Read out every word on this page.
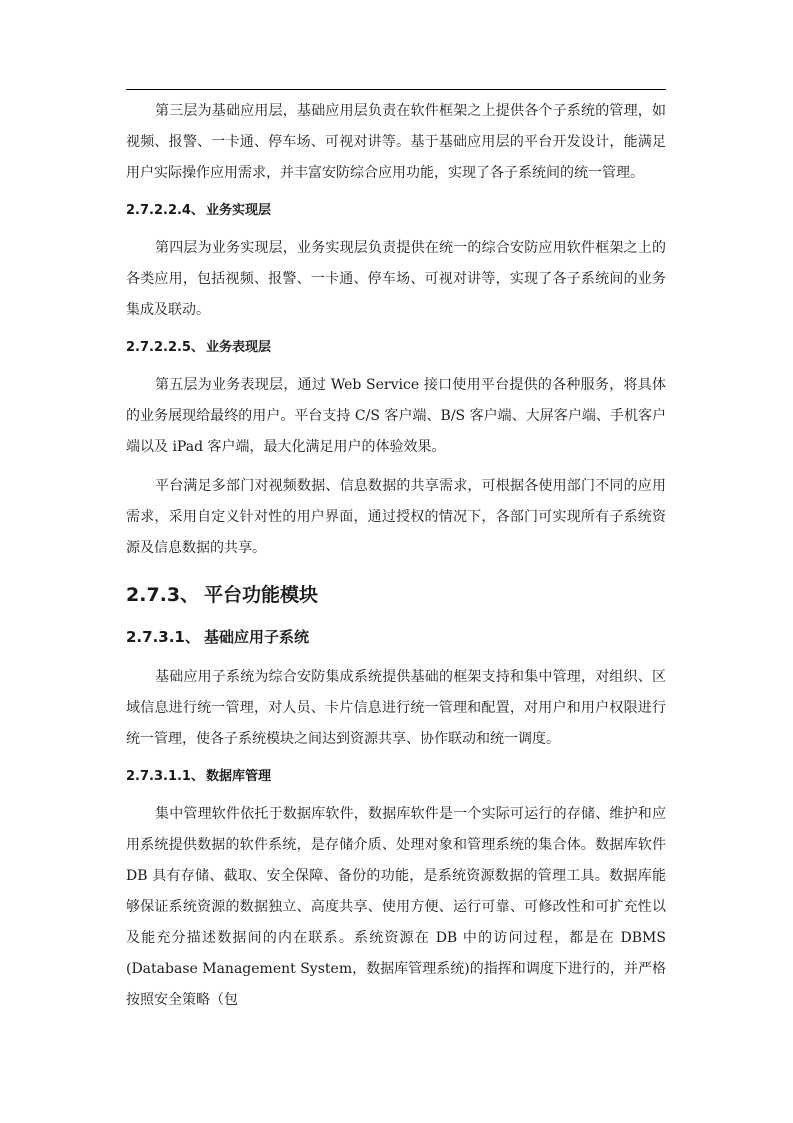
第三层为基础应用层，基础应用层负责在软件框架之上提供各个子系统的管理，如视频、报警、一卡通、停车场、可视对讲等。基于基础应用层的平台开发设计，能满足用户实际操作应用需求，并丰富安防综合应用功能，实现了各子系统间的统一管理。

2.7.2.2.4、 业务实现层

第四层为业务实现层，业务实现层负责提供在统一的综合安防应用软件框架之上的各类应用，包括视频、报警、一卡通、停车场、可视对讲等，实现了各子系统间的业务集成及联动。

2.7.2.2.5、 业务表现层

第五层为业务表现层，通过 Web Service 接口使用平台提供的各种服务，将具体的业务展现给最终的用户。平台支持 C/S 客户端、B/S 客户端、大屏客户端、手机客户端以及 iPad 客户端，最大化满足用户的体验效果。

平台满足多部门对视频数据、信息数据的共享需求，可根据各使用部门不同的应用需求，采用自定义针对性的用户界面，通过授权的情况下，各部门可实现所有子系统资源及信息数据的共享。

2.7.3、 平台功能模块
2.7.3.1、 基础应用子系统

基础应用子系统为综合安防集成系统提供基础的框架支持和集中管理，对组织、区域信息进行统一管理，对人员、卡片信息进行统一管理和配置，对用户和用户权限进行统一管理，使各子系统模块之间达到资源共享、协作联动和统一调度。

2.7.3.1.1、 数据库管理

集中管理软件依托于数据库软件，数据库软件是一个实际可运行的存储、维护和应用系统提供数据的软件系统，是存储介质、处理对象和管理系统的集合体。数据库软件 DB 具有存储、截取、安全保障、备份的功能，是系统资源数据的管理工具。数据库能够保证系统资源的数据独立、高度共享、使用方便、运行可靠、可修改性和可扩充性以及能充分描述数据间的内在联系。系统资源在 DB 中的访问过程，都是在 DBMS (Database Management System，数据库管理系统)的指挥和调度下进行的，并严格按照安全策略（包
